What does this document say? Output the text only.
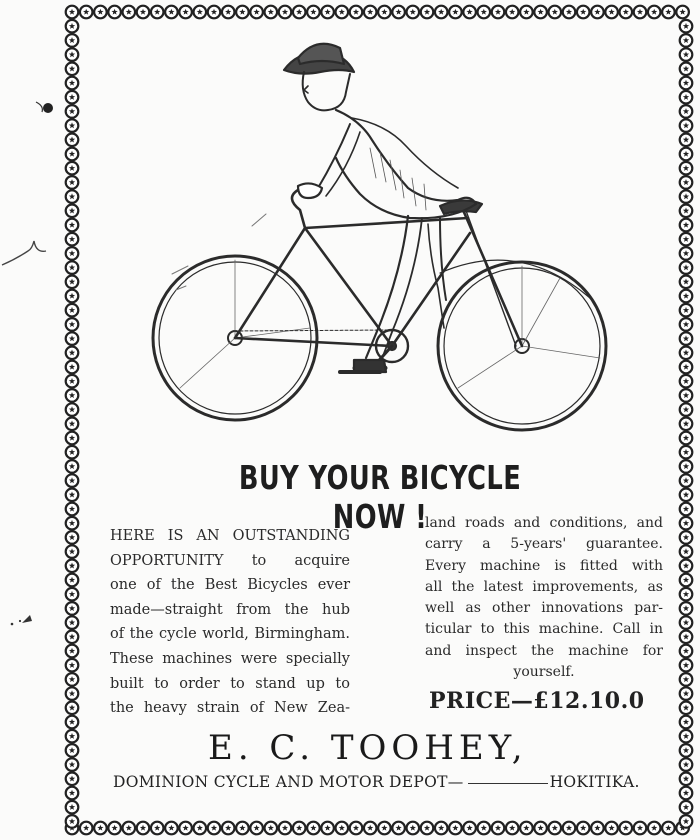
BUY YOUR BICYCLE NOW !
HERE IS AN OUTSTANDING
OPPORTUNITY to acquire
one of the Best Bicycles ever
made—straight from the hub
of the cycle world, Birmingham.
These machines were specially
built to order to stand up to
the heavy strain of New Zea-
land roads and conditions, and
carry a 5-years' guarantee.
Every machine is fitted with
all the latest improvements, as
well as other innovations par-
ticular to this machine. Call in
and inspect the machine for
yourself.
PRICE—£12.10.0
E. C. TOOHEY,
DOMINION CYCLE AND MOTOR DEPOT—	HOKITIKA.
